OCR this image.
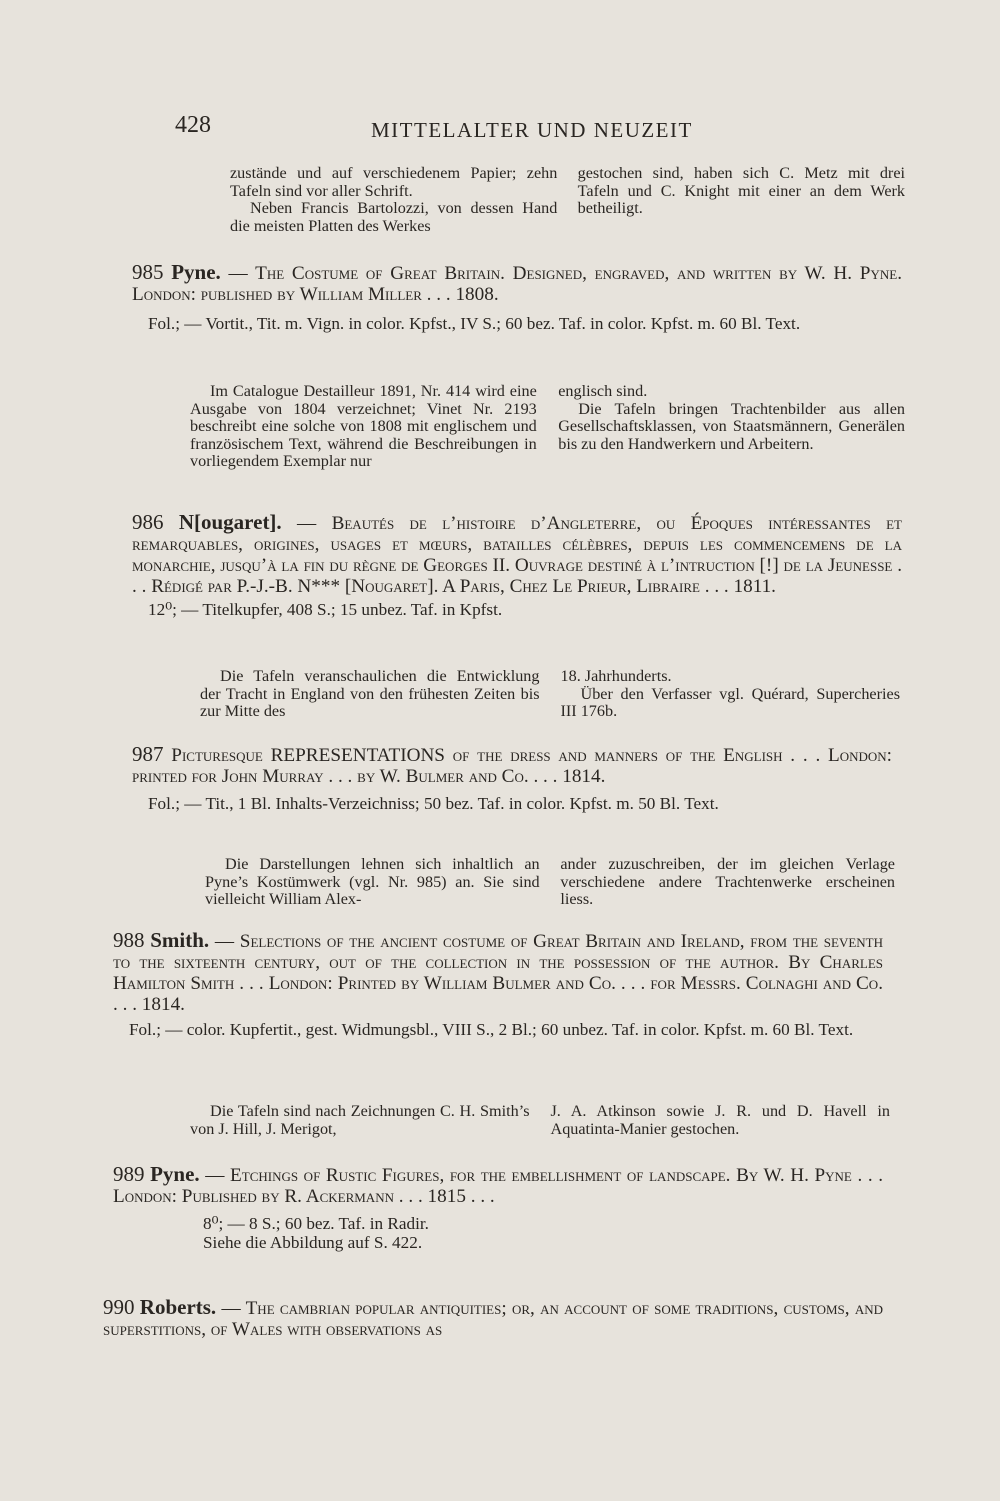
428	MITTELALTER UND NEUZEIT

zustände und auf verschiedenem Papier; zehn Tafeln sind vor aller Schrift.

Neben Francis Bartolozzi, von dessen Hand die meisten Platten des Werkes

gestochen sind, haben sich C. Metz mit drei Tafeln und C. Knight mit einer an dem Werk betheiligt.

985 Pyne. — The Costume of Great Britain. Designed, engraved, and written by W. H. Pyne. London: published by William Miller . . . 1808.

Fol.; — Vortit., Tit. m. Vign. in color. Kpfst., IV S.; 60 bez. Taf. in color. Kpfst. m. 60 Bl. Text.

Im Catalogue Destailleur 1891, Nr. 414 wird eine Ausgabe von 1804 verzeichnet; Vinet Nr. 2193 beschreibt eine solche von 1808 mit englischem und französischem Text, während die Beschreibungen in vorliegendem Exemplar nur

englisch sind.

Die Tafeln bringen Trachtenbilder aus allen Gesellschaftsklassen, von Staatsmännern, Generälen bis zu den Handwerkern und Arbeitern.

986 N[ougaret]. — Beautés de l’histoire d’Angleterre, ou Époques intéressantes et remarquables, origines, usages et mœurs, batailles célèbres, depuis les commencemens de la monarchie, jusqu’à la fin du règne de Georges II. Ouvrage destiné à l’intruction [!] de la Jeunesse . . . Rédigé par P.-J.-B. N*** [Nougaret]. A Paris, Chez Le Prieur, Libraire . . . 1811.

12⁰; — Titelkupfer, 408 S.; 15 unbez. Taf. in Kpfst.

Die Tafeln veranschaulichen die Entwicklung der Tracht in England von den frühesten Zeiten bis zur Mitte des

18. Jahrhunderts.

Über den Verfasser vgl. Quérard, Supercheries III 176b.

987 Picturesque REPRESENTATIONS of the dress and manners of the English . . . London: printed for John Murray . . . by W. Bulmer and Co. . . . 1814.

Fol.; — Tit., 1 Bl. Inhalts-Verzeichniss; 50 bez. Taf. in color. Kpfst. m. 50 Bl. Text.

Die Darstellungen lehnen sich inhaltlich an Pyne’s Kostümwerk (vgl. Nr. 985) an. Sie sind vielleicht William Alex-

ander zuzuschreiben, der im gleichen Verlage verschiedene andere Trachtenwerke erscheinen liess.

988 Smith. — Selections of the ancient costume of Great Britain and Ireland, from the seventh to the sixteenth century, out of the collection in the possession of the author. By Charles Hamilton Smith . . . London: Printed by William Bulmer and Co. . . . for Messrs. Colnaghi and Co. . . . 1814.

Fol.; — color. Kupfertit., gest. Widmungsbl., VIII S., 2 Bl.; 60 unbez. Taf. in color. Kpfst. m. 60 Bl. Text.

Die Tafeln sind nach Zeichnungen C. H. Smith’s von J. Hill, J. Merigot,

J. A. Atkinson sowie J. R. und D. Havell in Aquatinta-Manier gestochen.

989 Pyne. — Etchings of Rustic Figures, for the embellishment of landscape. By W. H. Pyne . . . London: Published by R. Ackermann . . . 1815 . . .

8⁰; — 8 S.; 60 bez. Taf. in Radir.

Siehe die Abbildung auf S. 422.

990 Roberts. — The cambrian popular antiquities; or, an account of some traditions, customs, and superstitions, of Wales with observations as
